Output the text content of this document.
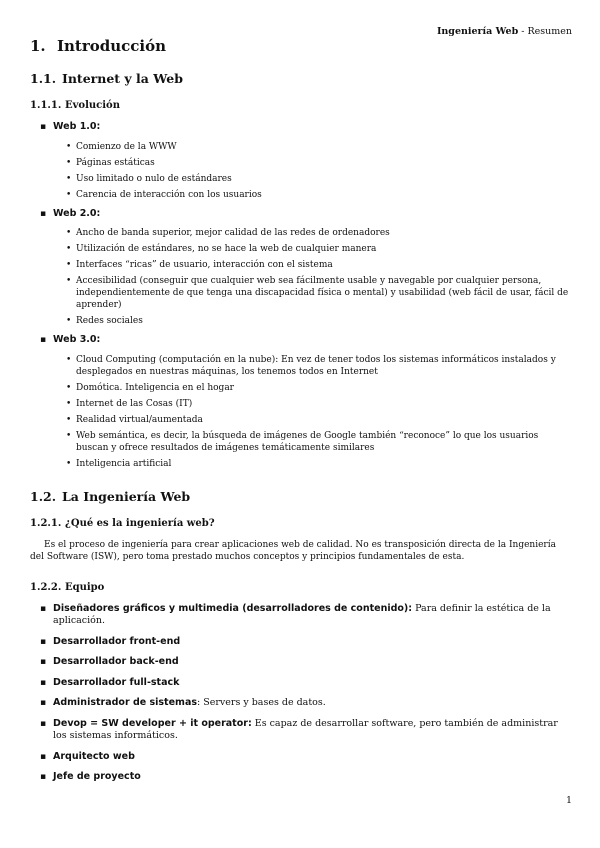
Ingeniería Web - Resumen
1. Introducción
1.1. Internet y la Web
1.1.1. Evolución
▪ Web 1.0:
• Comienzo de la WWW
• Páginas estáticas
• Uso limitado o nulo de estándares
• Carencia de interacción con los usuarios
▪ Web 2.0:
• Ancho de banda superior, mejor calidad de las redes de ordenadores
• Utilización de estándares, no se hace la web de cualquier manera
• Interfaces “ricas” de usuario, interacción con el sistema
• Accesibilidad (conseguir que cualquier web sea fácilmente usable y navegable por cualquier persona, independientemente de que tenga una discapacidad física o mental) y usabilidad (web fácil de usar, fácil de aprender)
• Redes sociales
▪ Web 3.0:
• Cloud Computing (computación en la nube): En vez de tener todos los sistemas informáticos instalados y desplegados en nuestras máquinas, los tenemos todos en Internet
• Domótica. Inteligencia en el hogar
• Internet de las Cosas (IT)
• Realidad virtual/aumentada
• Web semántica, es decir, la búsqueda de imágenes de Google también “reconoce” lo que los usuarios buscan y ofrece resultados de imágenes temáticamente similares
• Inteligencia artificial
1.2. La Ingeniería Web
1.2.1. ¿Qué es la ingeniería web?

Es el proceso de ingeniería para crear aplicaciones web de calidad. No es transposición directa de la Ingeniería del Software (ISW), pero toma prestado muchos conceptos y principios fundamentales de esta.

1.2.2. Equipo
▪ Diseñadores gráficos y multimedia (desarrolladores de contenido): Para definir la estética de la aplicación.
▪ Desarrollador front-end
▪ Desarrollador back-end
▪ Desarrollador full-stack
▪ Administrador de sistemas: Servers y bases de datos.
▪ Devop = SW developer + it operator: Es capaz de desarrollar software, pero también de administrar los sistemas informáticos.
▪ Arquitecto web
▪ Jefe de proyecto
1
